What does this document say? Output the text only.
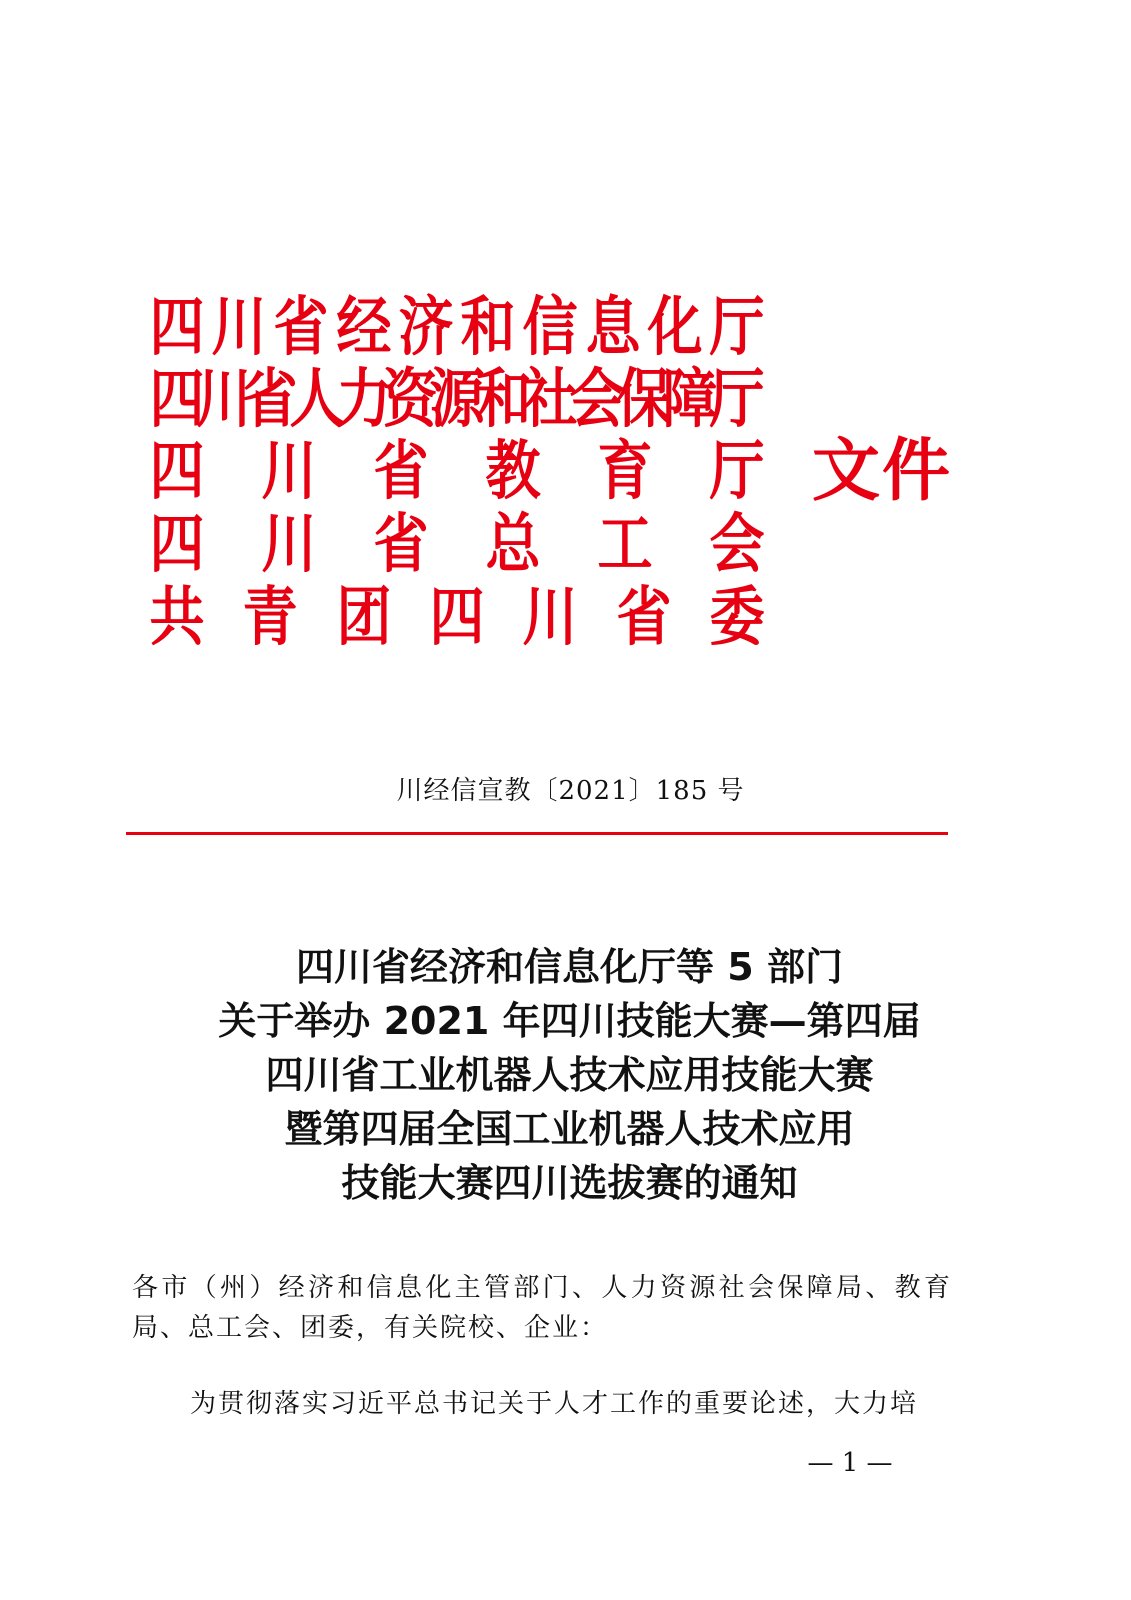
四 川 省 经 济 和 信 息 化 厅
四
川
省
人
力
资
源
和
社
会
保
障
厅
四 川 省 教 育 厅
四 川 省 总 工 会
共 青 团 四 川 省 委
文件
川经信宣教〔2021〕185 号
四川省经济和信息化厅等 5 部门
关于举办 2021 年四川技能大赛—第四届
四川省工业机器人技术应用技能大赛
暨第四届全国工业机器人技术应用
技能大赛四川选拔赛的通知
各市（州）经济和信息化主管部门、人力资源社会保障局、教育局、总工会、团委，有关院校、企业：
为贯彻落实习近平总书记关于人才工作的重要论述，大力培
— 1 —
